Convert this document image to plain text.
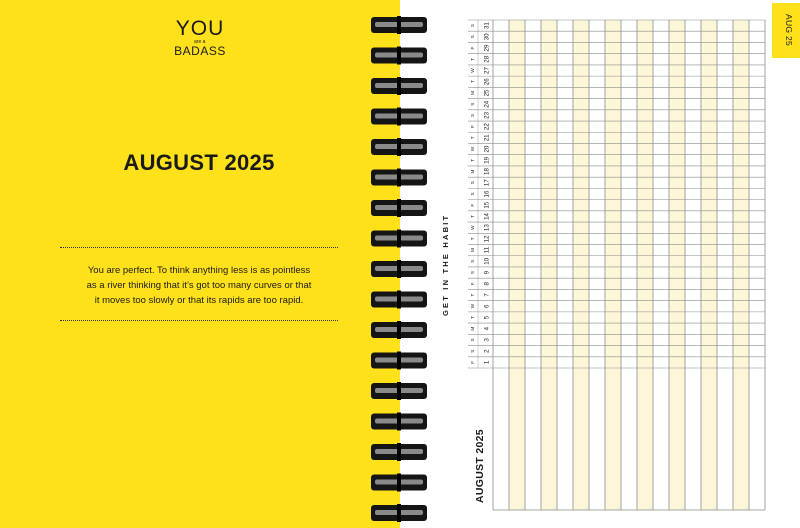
YOU
are a
BADASS
AUGUST 2025

You are perfect. To think anything less is as pointless
as a river thinking that it’s got too many curves or that
it moves too slowly or that its rapids are too rapid.

AUG 25
GET IN THE HABIT
1
F
2
S
3
S
4
M
5
T
6
W
7
T
8
F
9
S
10
S
11
M
12
T
13
W
14
T
15
F
16
S
17
S
18
M
19
T
20
W
21
T
22
F
23
S
24
S
25
M
26
T
27
W
28
T
29
F
30
S
31
S
AUGUST 2025
